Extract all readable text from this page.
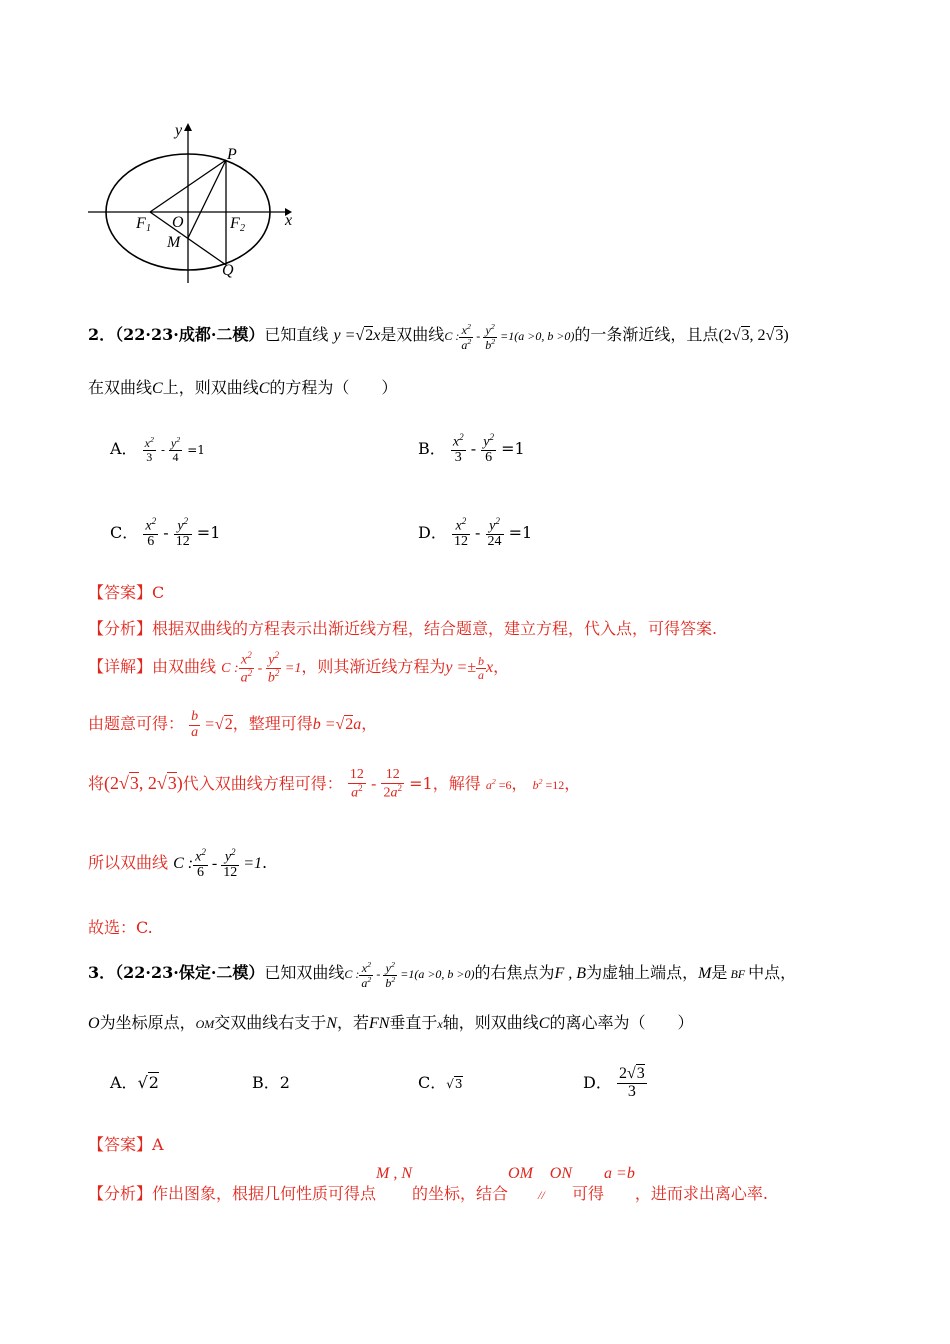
y
P
F 1 O	F 2	x
M
Q
2．（22·23·成都·二模）已知直线 y =√2x是双曲线C : $\frac{x^2}{a^2} - \frac{y^2}{b^2} =1(a >0$, b >0)的一条渐近线，且点(2√3, 2√3)
在双曲线C上，则双曲线C的方程为（　　）
A． $\frac{x^2}{3} - \frac{y^2}{4} =1$	B． $\frac{x^2}{3} - \frac{y^2}{6} =1$
C． $\frac{x^2}{6} - \frac{y^2}{12} =1$	D． $\frac{x^2}{12} - \frac{y^2}{24} =1$
【答案】C
【分析】根据双曲线的方程表示出渐近线方程，结合题意，建立方程，代入点，可得答案.
【详解】由双曲线 C : $\frac{x^2}{a^2} - \frac{y^2}{b^2} =1$，则其渐近线方程为$y =\pm \frac{b}{a}$ x，
由题意可得： $\frac{b}{a} =√2$，整理可得b =√2a，
将(2√3, 2√3)代入双曲线方程可得： $\frac{12}{a^2} - \frac{12}{2a^2} =1$，解得 $a^2 =6$， $b^2 =12$，
所以双曲线 C : $\frac{x^2}{6} - \frac{y^2}{12} =1$.
故选：C.
3．（22·23·保定·二模）已知双曲线C : $\frac{x^2}{a^2} - \frac{y^2}{b^2} =1(a >0$, b >0)的右焦点为F , B为虚轴上端点，M是 BF 中点，
O为坐标原点，OM交双曲线右支于N，若FN垂直于x轴，则双曲线C的离心率为（　　）
A．√2	B．2	C．√3	D． $\frac{2√3}{3}$
【答案】A
【分析】作出图象，根据几何性质可得点M , N的坐标，结合OM // ON可得a =b，进而求出离心率.
